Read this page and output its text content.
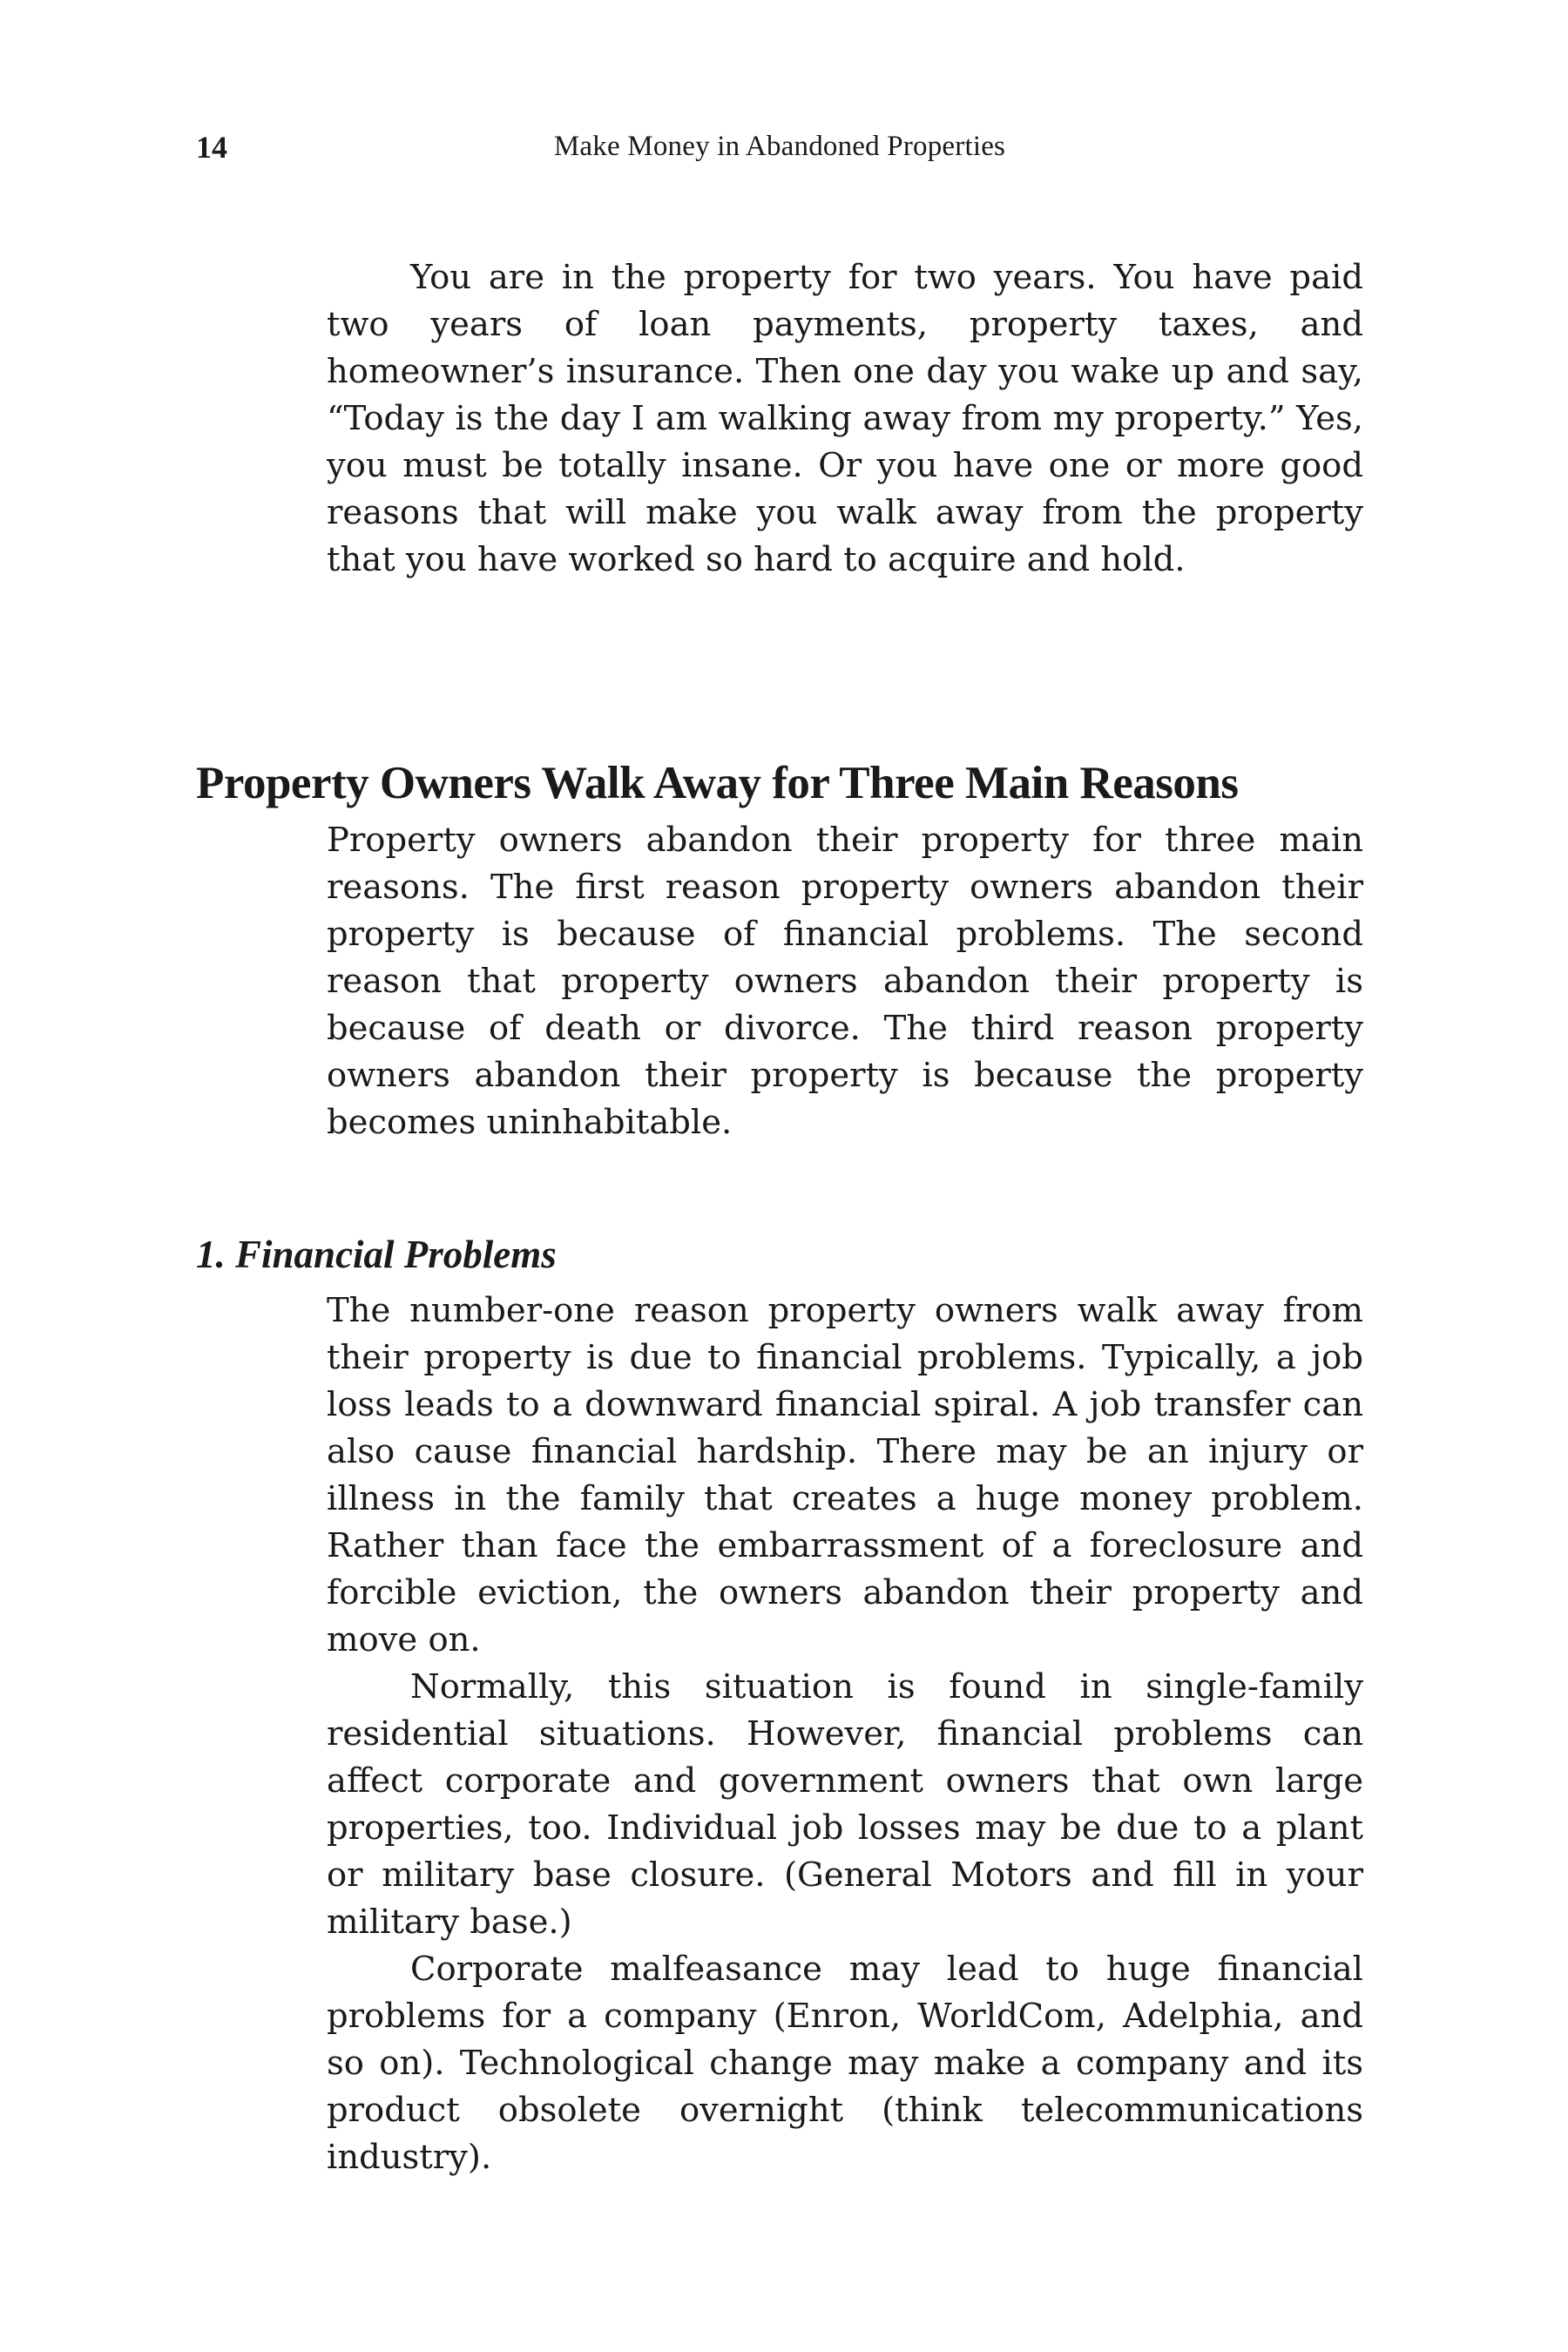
14	Make Money in Abandoned Properties

You are in the property for two years. You have paid two years of loan payments, property taxes, and homeowner’s insurance. Then one day you wake up and say, “Today is the day I am walking away from my property.” Yes, you must be totally insane. Or you have one or more good reasons that will make you walk away from the property that you have worked so hard to acquire and hold.

Property Owners Walk Away for Three Main Reasons

Property owners abandon their property for three main reasons. The first reason property owners abandon their property is because of financial problems. The second reason that property owners abandon their property is because of death or divorce. The third reason property owners abandon their property is because the property becomes uninhabitable.

1. Financial Problems

The number-one reason property owners walk away from their property is due to financial problems. Typically, a job loss leads to a downward financial spiral. A job transfer can also cause financial hardship. There may be an injury or illness in the family that creates a huge money problem. Rather than face the embarrassment of a foreclosure and forcible eviction, the owners abandon their property and move on.

Normally, this situation is found in single-family residential situations. However, financial problems can affect corporate and government owners that own large properties, too. Individual job losses may be due to a plant or military base closure. (General Motors and fill in your military base.)

Corporate malfeasance may lead to huge financial problems for a company (Enron, WorldCom, Adelphia, and so on). Technological change may make a company and its product obsolete overnight (think telecommunications industry).
